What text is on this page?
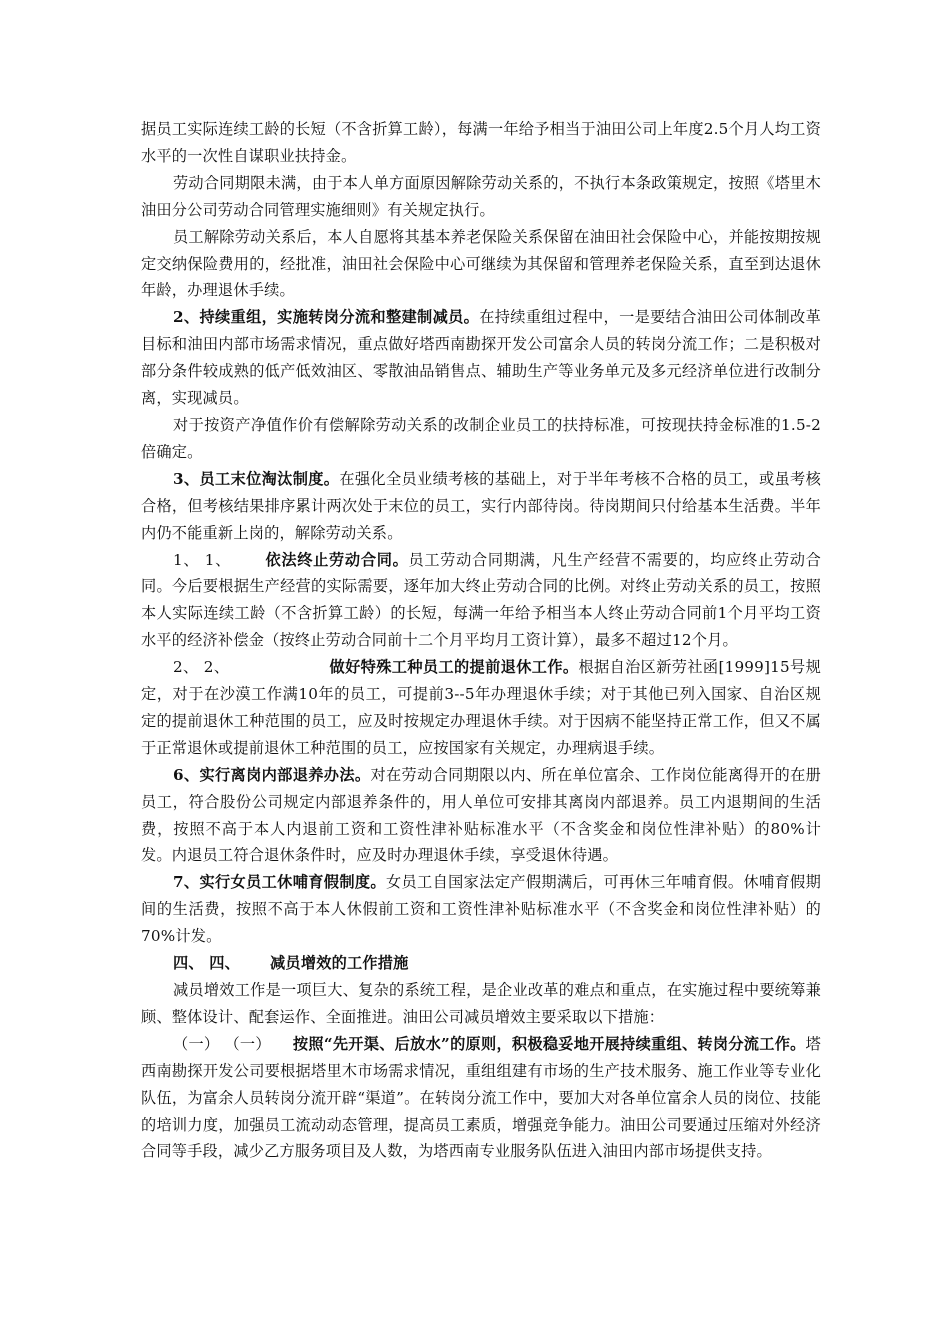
据员工实际连续工龄的长短（不含折算工龄），每满一年给予相当于油田公司上年度2.5个月人均工资水平的一次性自谋职业扶持金。

劳动合同期限未满，由于本人单方面原因解除劳动关系的，不执行本条政策规定，按照《塔里木油田分公司劳动合同管理实施细则》有关规定执行。

员工解除劳动关系后，本人自愿将其基本养老保险关系保留在油田社会保险中心，并能按期按规定交纳保险费用的，经批准，油田社会保险中心可继续为其保留和管理养老保险关系，直至到达退休年龄，办理退休手续。

2、持续重组，实施转岗分流和整建制减员。在持续重组过程中，一是要结合油田公司体制改革目标和油田内部市场需求情况，重点做好塔西南勘探开发公司富余人员的转岗分流工作；二是积极对部分条件较成熟的低产低效油区、零散油品销售点、辅助生产等业务单元及多元经济单位进行改制分离，实现减员。

对于按资产净值作价有偿解除劳动关系的改制企业员工的扶持标准，可按现扶持金标准的1.5-2倍确定。

3、员工末位淘汰制度。在强化全员业绩考核的基础上，对于半年考核不合格的员工，或虽考核合格，但考核结果排序累计两次处于末位的员工，实行内部待岗。待岗期间只付给基本生活费。半年内仍不能重新上岗的，解除劳动关系。

1、 1、 依法终止劳动合同。员工劳动合同期满，凡生产经营不需要的，均应终止劳动合同。今后要根据生产经营的实际需要，逐年加大终止劳动合同的比例。对终止劳动关系的员工，按照本人实际连续工龄（不含折算工龄）的长短，每满一年给予相当本人终止劳动合同前1个月平均工资水平的经济补偿金（按终止劳动合同前十二个月平均月工资计算），最多不超过12个月。

2、 2、	做好特殊工种员工的提前退休工作。根据自治区新劳社函[1999]15号规定，对于在沙漠工作满10年的员工，可提前3--5年办理退休手续；对于其他已列入国家、自治区规定的提前退休工种范围的员工，应及时按规定办理退休手续。对于因病不能坚持正常工作，但又不属于正常退休或提前退休工种范围的员工，应按国家有关规定，办理病退手续。

6、实行离岗内部退养办法。对在劳动合同期限以内、所在单位富余、工作岗位能离得开的在册员工，符合股份公司规定内部退养条件的，用人单位可安排其离岗内部退养。员工内退期间的生活费，按照不高于本人内退前工资和工资性津补贴标准水平（不含奖金和岗位性津补贴）的80%计发。内退员工符合退休条件时，应及时办理退休手续，享受退休待遇。

7、实行女员工休哺育假制度。女员工自国家法定产假期满后，可再休三年哺育假。休哺育假期间的生活费，按照不高于本人休假前工资和工资性津补贴标准水平（不含奖金和岗位性津补贴）的70%计发。

四、 四、 减员增效的工作措施

减员增效工作是一项巨大、复杂的系统工程，是企业改革的难点和重点，在实施过程中要统筹兼顾、整体设计、配套运作、全面推进。油田公司减员增效主要采取以下措施：

（一） （一） 按照“先开渠、后放水”的原则，积极稳妥地开展持续重组、转岗分流工作。塔西南勘探开发公司要根据塔里木市场需求情况，重组组建有市场的生产技术服务、施工作业等专业化队伍，为富余人员转岗分流开辟“渠道”。在转岗分流工作中，要加大对各单位富余人员的岗位、技能的培训力度，加强员工流动动态管理，提高员工素质，增强竞争能力。油田公司要通过压缩对外经济合同等手段，减少乙方服务项目及人数，为塔西南专业服务队伍进入油田内部市场提供支持。
